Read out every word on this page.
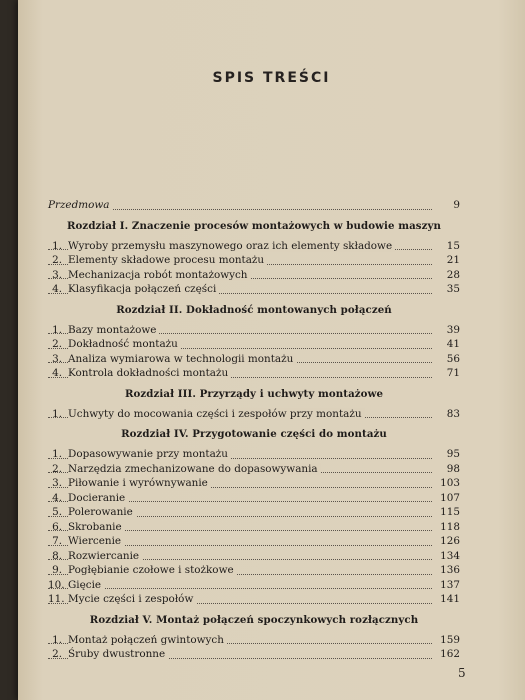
SPIS TREŚCI
Przedmowa	9
Rozdział I. Znaczenie procesów montażowych w budowie maszyn
1. Wyroby przemysłu maszynowego oraz ich elementy składowe	15
2. Elementy składowe procesu montażu	21
3. Mechanizacja robót montażowych	28
4. Klasyfikacja połączeń części	35
Rozdział II. Dokładność montowanych połączeń
1. Bazy montażowe	39
2. Dokładność montażu	41
3. Analiza wymiarowa w technologii montażu	56
4. Kontrola dokładności montażu	71
Rozdział III. Przyrządy i uchwyty montażowe
1. Uchwyty do mocowania części i zespołów przy montażu	83
Rozdział IV. Przygotowanie części do montażu
1. Dopasowywanie przy montażu	95
2. Narzędzia zmechanizowane do dopasowywania	98
3. Piłowanie i wyrównywanie	103
4. Docieranie	107
5. Polerowanie	115
6. Skrobanie	118
7. Wiercenie	126
8. Rozwiercanie	134
9. Pogłębianie czołowe i stożkowe	136
10. Gięcie	137
11. Mycie części i zespołów	141
Rozdział V. Montaż połączeń spoczynkowych rozłącznych
1. Montaż połączeń gwintowych	159
2. Śruby dwustronne	162
5
